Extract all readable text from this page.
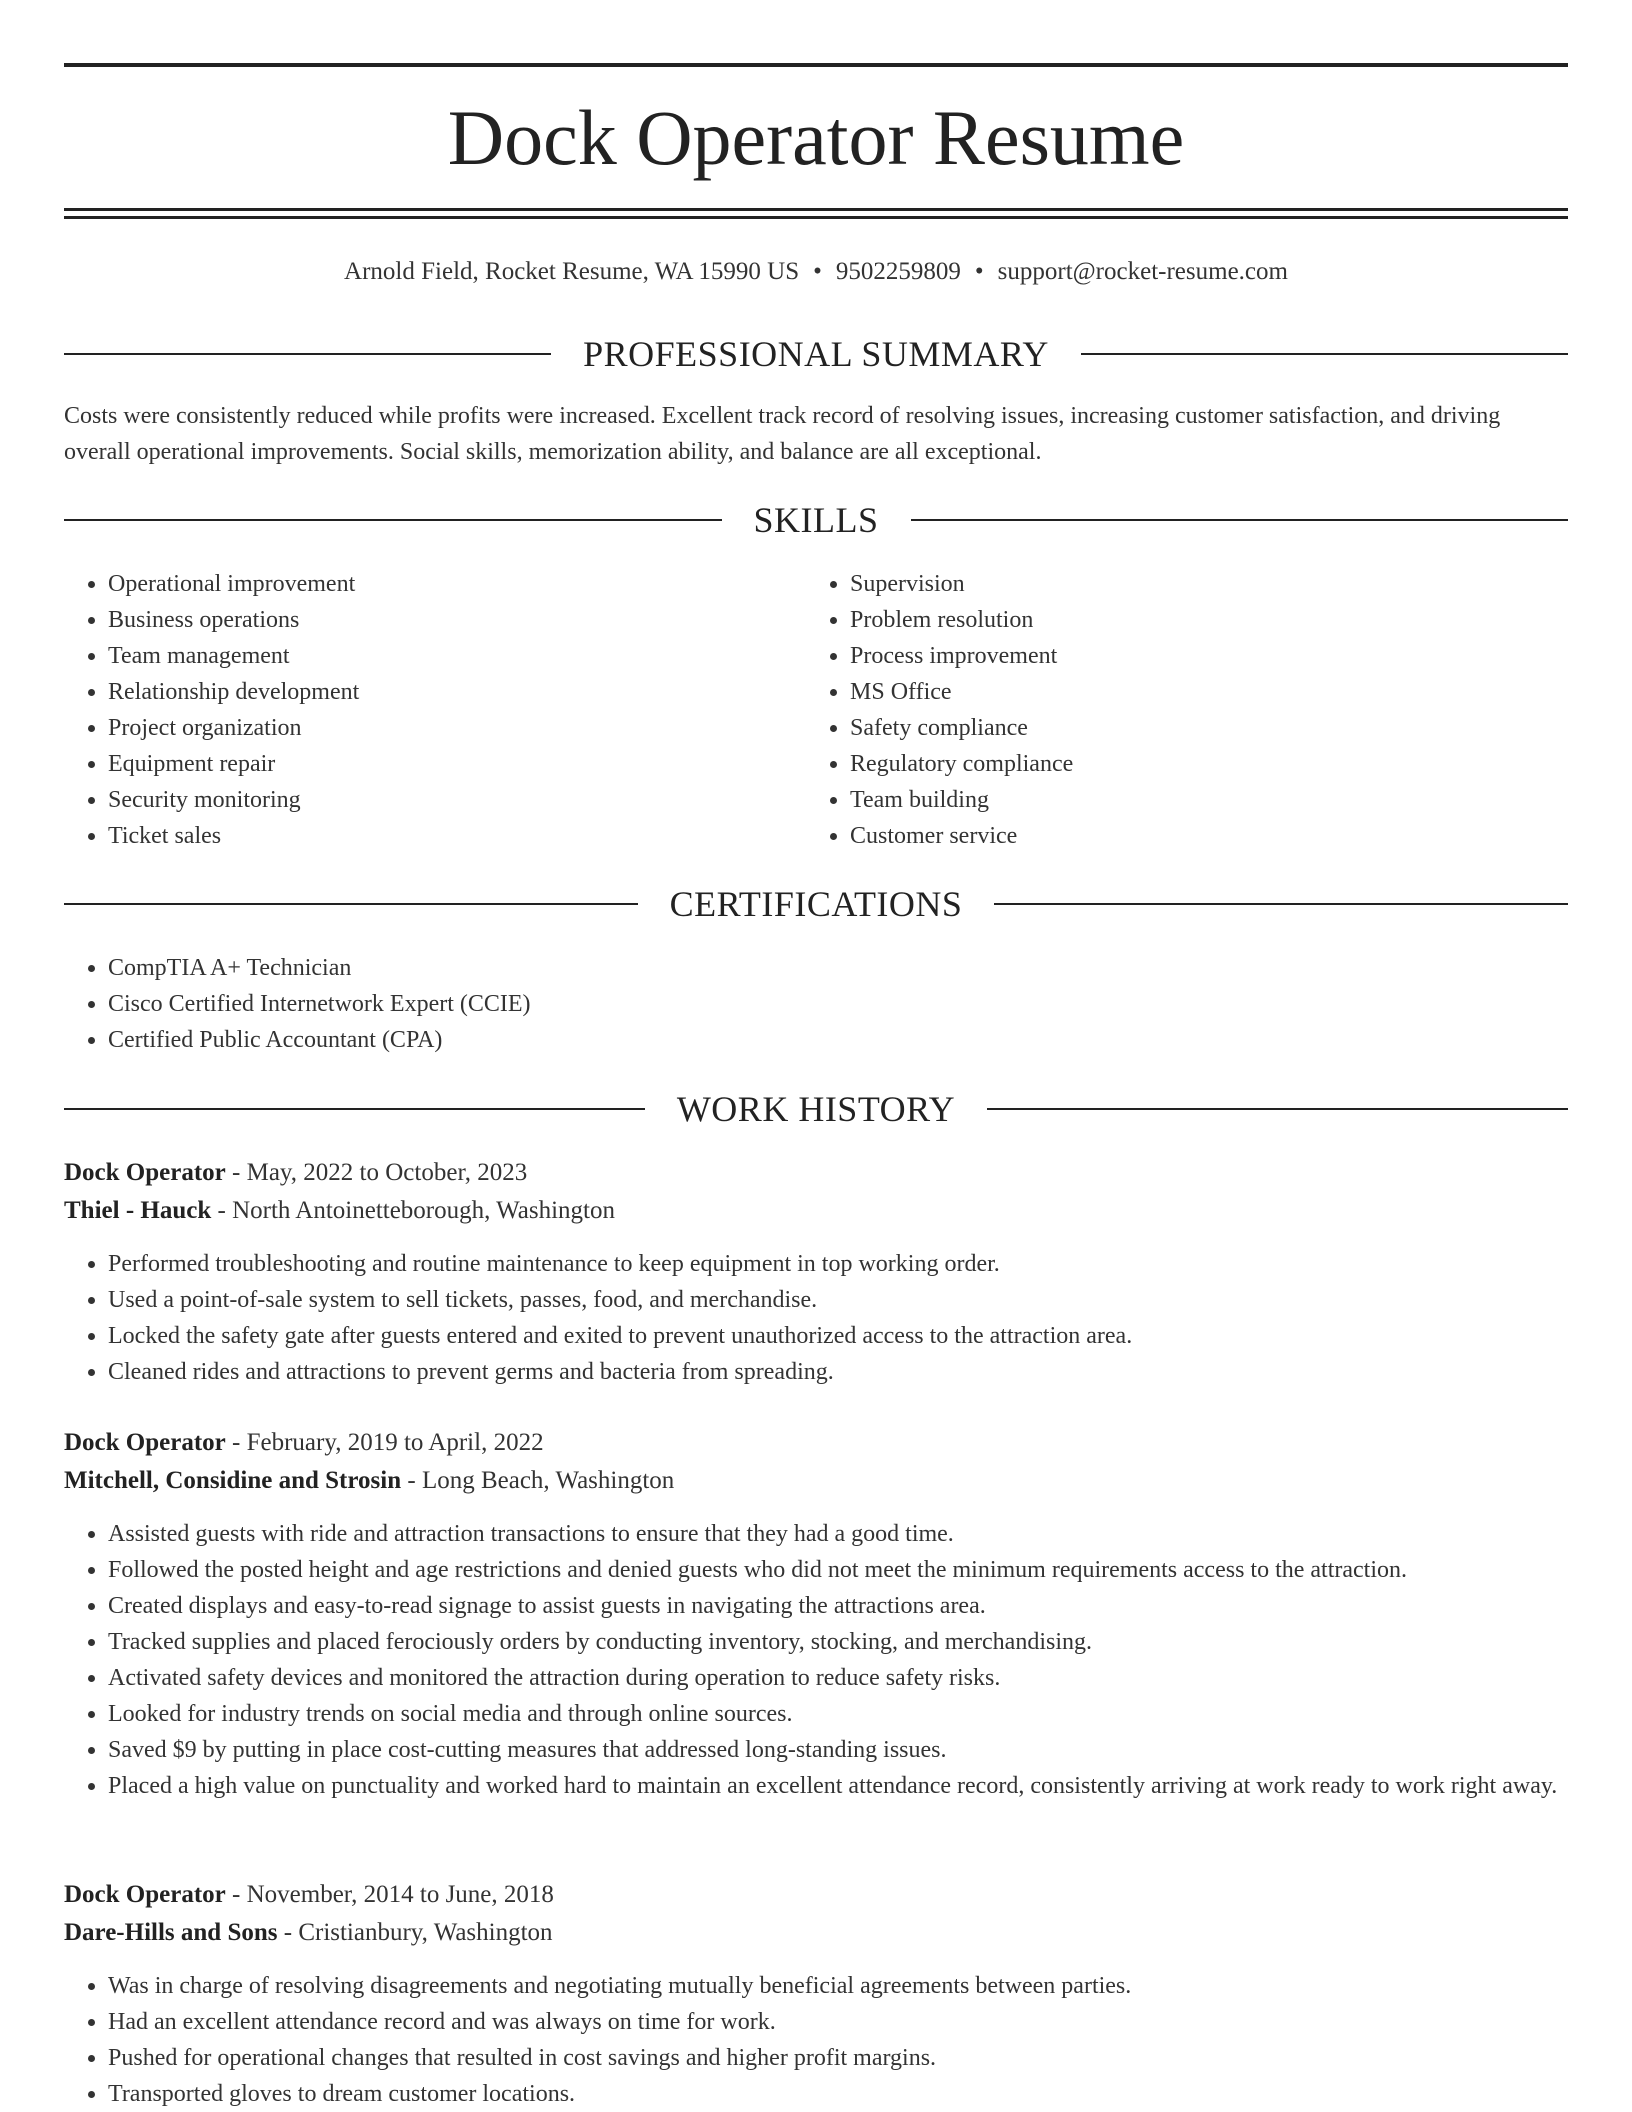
Dock Operator Resume
Arnold Field, Rocket Resume, WA 15990 US • 9502259809 • support@rocket-resume.com
PROFESSIONAL SUMMARY

Costs were consistently reduced while profits were increased. Excellent track record of resolving issues, increasing customer satisfaction, and driving overall operational improvements. Social skills, memorization ability, and balance are all exceptional.

SKILLS
• Operational improvement
• Business operations
• Team management
• Relationship development
• Project organization
• Equipment repair
• Security monitoring
• Ticket sales
• Supervision
• Problem resolution
• Process improvement
• MS Office
• Safety compliance
• Regulatory compliance
• Team building
• Customer service
CERTIFICATIONS
• CompTIA A+ Technician
• Cisco Certified Internetwork Expert (CCIE)
• Certified Public Accountant (CPA)
WORK HISTORY
Dock Operator - May, 2022 to October, 2023
Thiel - Hauck - North Antoinetteborough, Washington
• Performed troubleshooting and routine maintenance to keep equipment in top working order.
• Used a point-of-sale system to sell tickets, passes, food, and merchandise.
• Locked the safety gate after guests entered and exited to prevent unauthorized access to the attraction area.
• Cleaned rides and attractions to prevent germs and bacteria from spreading.
Dock Operator - February, 2019 to April, 2022
Mitchell, Considine and Strosin - Long Beach, Washington
• Assisted guests with ride and attraction transactions to ensure that they had a good time.
• Followed the posted height and age restrictions and denied guests who did not meet the minimum requirements access to the attraction.
• Created displays and easy-to-read signage to assist guests in navigating the attractions area.
• Tracked supplies and placed ferociously orders by conducting inventory, stocking, and merchandising.
• Activated safety devices and monitored the attraction during operation to reduce safety risks.
• Looked for industry trends on social media and through online sources.
• Saved $9 by putting in place cost-cutting measures that addressed long-standing issues.
• Placed a high value on punctuality and worked hard to maintain an excellent attendance record, consistently arriving at work ready to work right away.
Dock Operator - November, 2014 to June, 2018
Dare-Hills and Sons - Cristianbury, Washington
• Was in charge of resolving disagreements and negotiating mutually beneficial agreements between parties.
• Had an excellent attendance record and was always on time for work.
• Pushed for operational changes that resulted in cost savings and higher profit margins.
• Transported gloves to dream customer locations.
